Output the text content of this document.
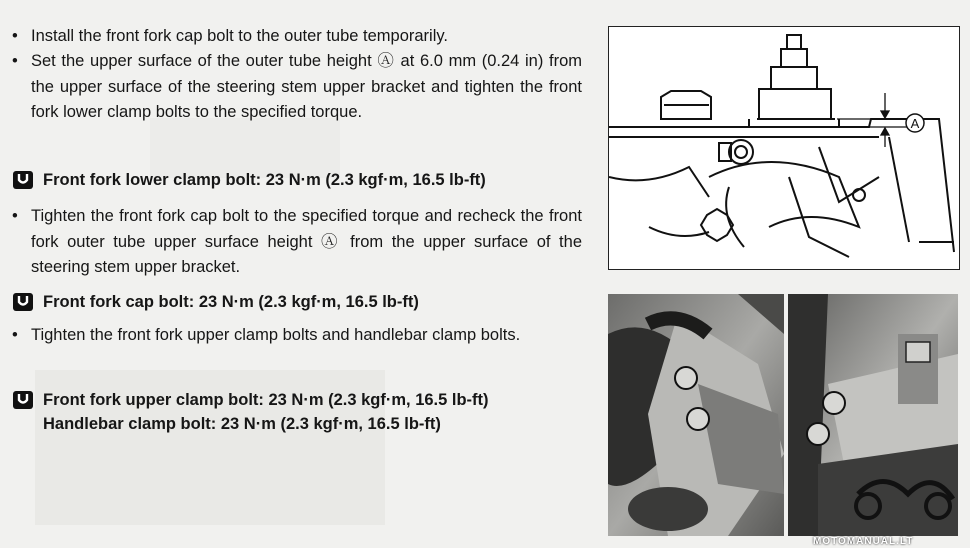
• Install the front fork cap bolt to the outer tube temporarily.
• Set the upper surface of the outer tube height Ⓐ at 6.0 mm (0.24 in) from the upper surface of the steering stem upper bracket and tighten the front fork lower clamp bolts to the specified torque.
Front fork lower clamp bolt: 23 N·m (2.3 kgf·m, 16.5 lb-ft)
• Tighten the front fork cap bolt to the specified torque and recheck the front fork outer tube upper surface height Ⓐ from the upper surface of the steering stem upper bracket.
Front fork cap bolt: 23 N·m (2.3 kgf·m, 16.5 lb-ft)
• Tighten the front fork upper clamp bolts and handlebar clamp bolts.
Front fork upper clamp bolt: 23 N·m (2.3 kgf·m, 16.5 lb-ft)
Handlebar clamp bolt: 23 N·m (2.3 kgf·m, 16.5 lb-ft)
A
MOTOMANUAL.LT
